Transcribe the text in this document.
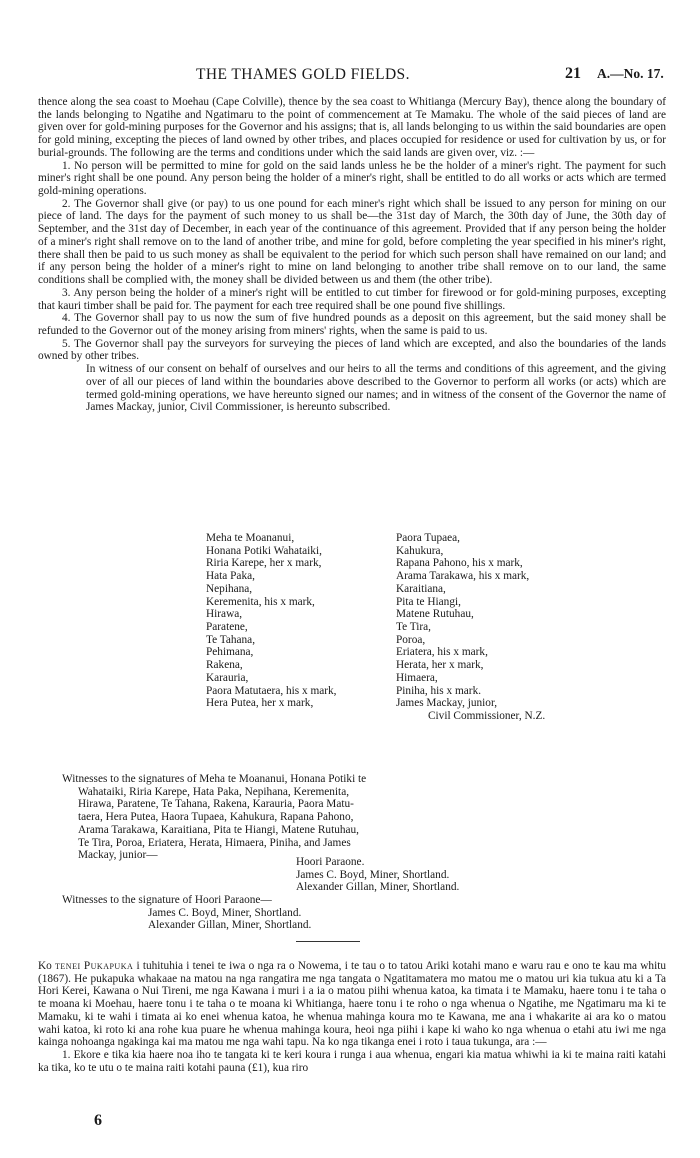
THE THAMES GOLD FIELDS.	21 A.—No. 17.

thence along the sea coast to Moehau (Cape Colville), thence by the sea coast to Whitianga (Mercury Bay), thence along the boundary of the lands belonging to Ngatihe and Ngatimaru to the point of commencement at Te Mamaku. The whole of the said pieces of land are given over for gold-mining purposes for the Governor and his assigns; that is, all lands belonging to us within the said boundaries are open for gold mining, excepting the pieces of land owned by other tribes, and places occupied for residence or used for cultivation by us, or for burial-grounds. The following are the terms and conditions under which the said lands are given over, viz. :—

1. No person will be permitted to mine for gold on the said lands unless he be the holder of a miner's right. The payment for such miner's right shall be one pound. Any person being the holder of a miner's right, shall be entitled to do all works or acts which are termed gold-mining operations.

2. The Governor shall give (or pay) to us one pound for each miner's right which shall be issued to any person for mining on our piece of land. The days for the payment of such money to us shall be—the 31st day of March, the 30th day of June, the 30th day of September, and the 31st day of December, in each year of the continuance of this agreement. Provided that if any person being the holder of a miner's right shall remove on to the land of another tribe, and mine for gold, before completing the year specified in his miner's right, there shall then be paid to us such money as shall be equivalent to the period for which such person shall have remained on our land; and if any person being the holder of a miner's right to mine on land belonging to another tribe shall remove on to our land, the same conditions shall be complied with, the money shall be divided between us and them (the other tribe).

3. Any person being the holder of a miner's right will be entitled to cut timber for firewood or for gold-mining purposes, excepting that kauri timber shall be paid for. The payment for each tree required shall be one pound five shillings.

4. The Governor shall pay to us now the sum of five hundred pounds as a deposit on this agreement, but the said money shall be refunded to the Governor out of the money arising from miners' rights, when the same is paid to us.

5. The Governor shall pay the surveyors for surveying the pieces of land which are excepted, and also the boundaries of the lands owned by other tribes.

In witness of our consent on behalf of ourselves and our heirs to all the terms and conditions of this agreement, and the giving over of all our pieces of land within the boundaries above described to the Governor to perform all works (or acts) which are termed gold-mining operations, we have hereunto signed our names; and in witness of the consent of the Governor the name of James Mackay, junior, Civil Commissioner, is hereunto subscribed.

Meha te Moananui,
Honana Potiki Wahataiki,
Riria Karepe, her x mark,
Hata Paka,
Nepihana,
Keremenita, his x mark,
Hirawa,
Paratene,
Te Tahana,
Pehimana,
Rakena,
Karauria,
Paora Matutaera, his x mark,
Hera Putea, her x mark,
Paora Tupaea,
Kahukura,
Rapana Pahono, his x mark,
Arama Tarakawa, his x mark,
Karaitiana,
Pita te Hiangi,
Matene Rutuhau,
Te Tira,
Poroa,
Eriatera, his x mark,
Herata, her x mark,
Himaera,
Piniha, his x mark.
James Mackay, junior,
Civil Commissioner, N.Z.
Witnesses to the signatures of Meha te Moananui, Honana Potiki te
Wahataiki, Riria Karepe, Hata Paka, Nepihana, Keremenita,
Hirawa, Paratene, Te Tahana, Rakena, Karauria, Paora Matu-
taera, Hera Putea, Haora Tupaea, Kahukura, Rapana Pahono,
Arama Tarakawa, Karaitiana, Pita te Hiangi, Matene Rutuhau,
Te Tira, Poroa, Eriatera, Herata, Himaera, Piniha, and James
Mackay, junior—
Hoori Paraone.
James C. Boyd, Miner, Shortland.
Alexander Gillan, Miner, Shortland.
Witnesses to the signature of Hoori Paraone—
James C. Boyd, Miner, Shortland.
Alexander Gillan, Miner, Shortland.

Ko tenei Pukapuka i tuhituhia i tenei te iwa o nga ra o Nowema, i te tau o to tatou Ariki kotahi mano e waru rau e ono te kau ma whitu (1867). He pukapuka whakaae na matou na nga rangatira me nga tangata o Ngatitamatera mo matou me o matou uri kia tukua atu ki a Ta Hori Kerei, Kawana o Nui Tireni, me nga Kawana i muri i a ia o matou piihi whenua katoa, ka timata i te Mamaku, haere tonu i te taha o te moana ki Moehau, haere tonu i te taha o te moana ki Whitianga, haere tonu i te roho o nga whenua o Ngatihe, me Ngatimaru ma ki te Mamaku, ki te wahi i timata ai ko enei whenua katoa, he whenua mahinga koura mo te Kawana, me ana i whakarite ai ara ko o matou wahi katoa, ki roto ki ana rohe kua puare he whenua mahinga koura, heoi nga piihi i kape ki waho ko nga whenua o etahi atu iwi me nga kainga nohoanga ngakinga kai ma matou me nga wahi tapu. Na ko nga tikanga enei i roto i taua tukunga, ara :—

1. Ekore e tika kia haere noa iho te tangata ki te keri koura i runga i aua whenua, engari kia matua whiwhi ia ki te maina raiti katahi ka tika, ko te utu o te maina raiti kotahi pauna (£1), kua riro

6
